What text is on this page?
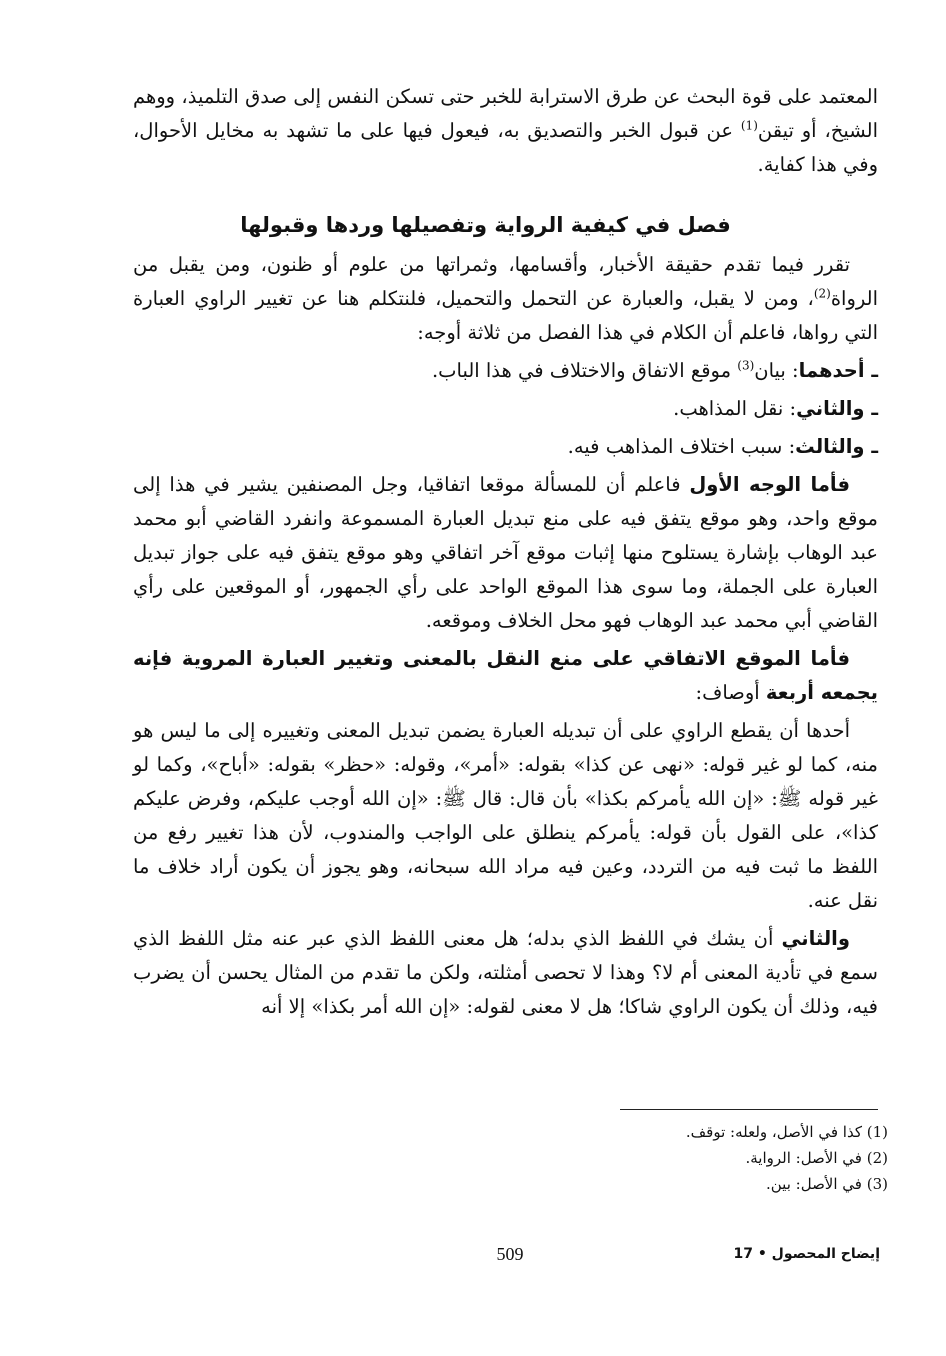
المعتمد على قوة البحث عن طرق الاسترابة للخبر حتى تسكن النفس إلى صدق التلميذ، ووهم الشيخ، أو تيقن$^{(1)}$ عن قبول الخبر والتصديق به، فيعول فيها على ما تشهد به مخايل الأحوال، وفي هذا كفاية.

فصل في كيفية الرواية وتفصيلها وردها وقبولها

تقرر فيما تقدم حقيقة الأخبار، وأقسامها، وثمراتها من علوم أو ظنون، ومن يقبل من الرواة$^{(2)}$، ومن لا يقبل، والعبارة عن التحمل والتحميل، فلنتكلم هنا عن تغيير الراوي العبارة التي رواها، فاعلم أن الكلام في هذا الفصل من ثلاثة أوجه:

ـ أحدهما: بيان$^{(3)}$ موقع الاتفاق والاختلاف في هذا الباب.

ـ والثاني: نقل المذاهب.

ـ والثالث: سبب اختلاف المذاهب فيه.

فأما الوجه الأول فاعلم أن للمسألة موقعا اتفاقيا، وجل المصنفين يشير في هذا إلى موقع واحد، وهو موقع يتفق فيه على منع تبديل العبارة المسموعة وانفرد القاضي أبو محمد عبد الوهاب بإشارة يستلوح منها إثبات موقع آخر اتفاقي وهو موقع يتفق فيه على جواز تبديل العبارة على الجملة، وما سوى هذا الموقع الواحد على رأي الجمهور، أو الموقعين على رأي القاضي أبي محمد عبد الوهاب فهو محل الخلاف وموقعه.

فأما الموقع الاتفاقي على منع النقل بالمعنى وتغيير العبارة المروية فإنه يجمعه أربعة أوصاف:

أحدها أن يقطع الراوي على أن تبديله العبارة يضمن تبديل المعنى وتغييره إلى ما ليس هو منه، كما لو غير قوله: «نهى عن كذا» بقوله: «أمر»، وقوله: «حظر» بقوله: «أباح»، وكما لو غير قوله ﷺ: «إن الله يأمركم بكذا» بأن قال: قال ﷺ: «إن الله أوجب عليكم، وفرض عليكم كذا»، على القول بأن قوله: يأمركم ينطلق على الواجب والمندوب، لأن هذا تغيير رفع من اللفظ ما ثبت فيه من التردد، وعين فيه مراد الله سبحانه، وهو يجوز أن يكون أراد خلاف ما نقل عنه.

والثاني أن يشك في اللفظ الذي بدله؛ هل معنى اللفظ الذي عبر عنه مثل اللفظ الذي سمع في تأدية المعنى أم لا؟ وهذا لا تحصى أمثلته، ولكن ما تقدم من المثال يحسن أن يضرب فيه، وذلك أن يكون الراوي شاكا؛ هل لا معنى لقوله: «إن الله أمر بكذا» إلا أنه

(1) كذا في الأصل، ولعله: توقف.
(2) في الأصل: الرواية.
(3) في الأصل: بين.
509	إيضاح المحصول • 17
